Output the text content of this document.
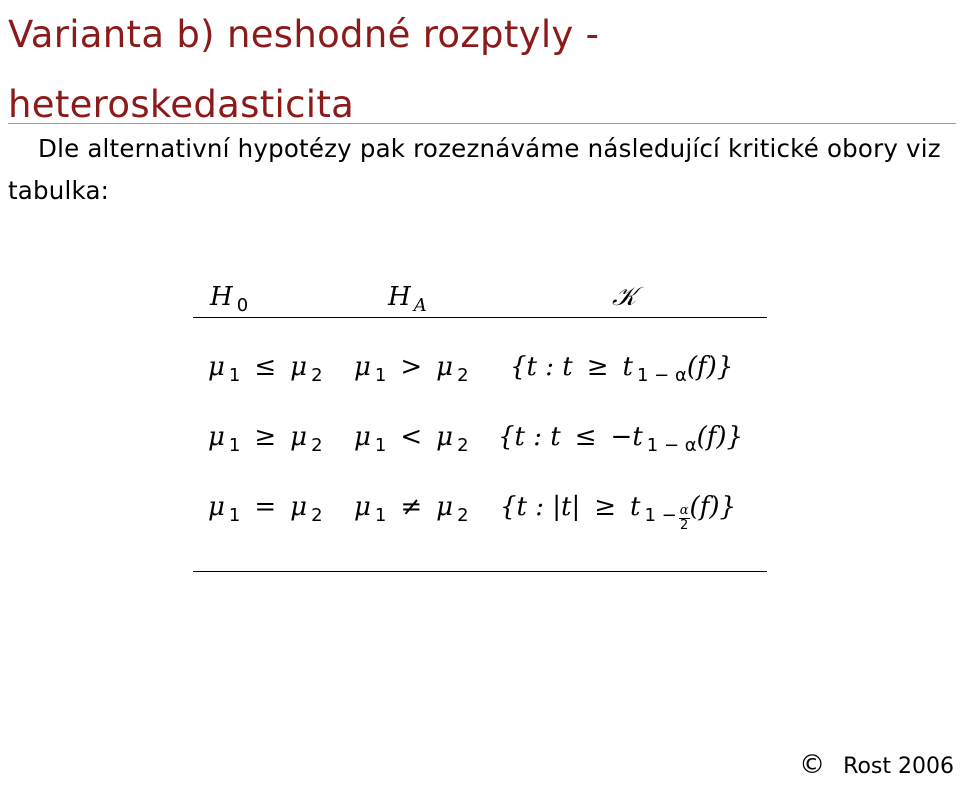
Varianta b) neshodné rozptyly -
heteroskedasticita

Dle alternativní hypotézy pak rozeznáváme následující kritické obory viz tabulka:

H $_0$	H $_A$	𝒦
μ $_1$ ≤ μ $_2$ μ $_1$ > μ $_2$ {t : t ≥ t $_{1 - \alpha}$(f)}
μ $_1$ ≥ μ $_2$ μ $_1$ < μ $_2$ {t : t ≤ −t $_{1 - \alpha}$(f)}
μ $_1$ = μ $_2$ μ $_1$ ≠ μ $_2$ {t : |t| ≥ t $_{1 -} \frac{\alpha}{2} (f)$}
© Rost 2006
